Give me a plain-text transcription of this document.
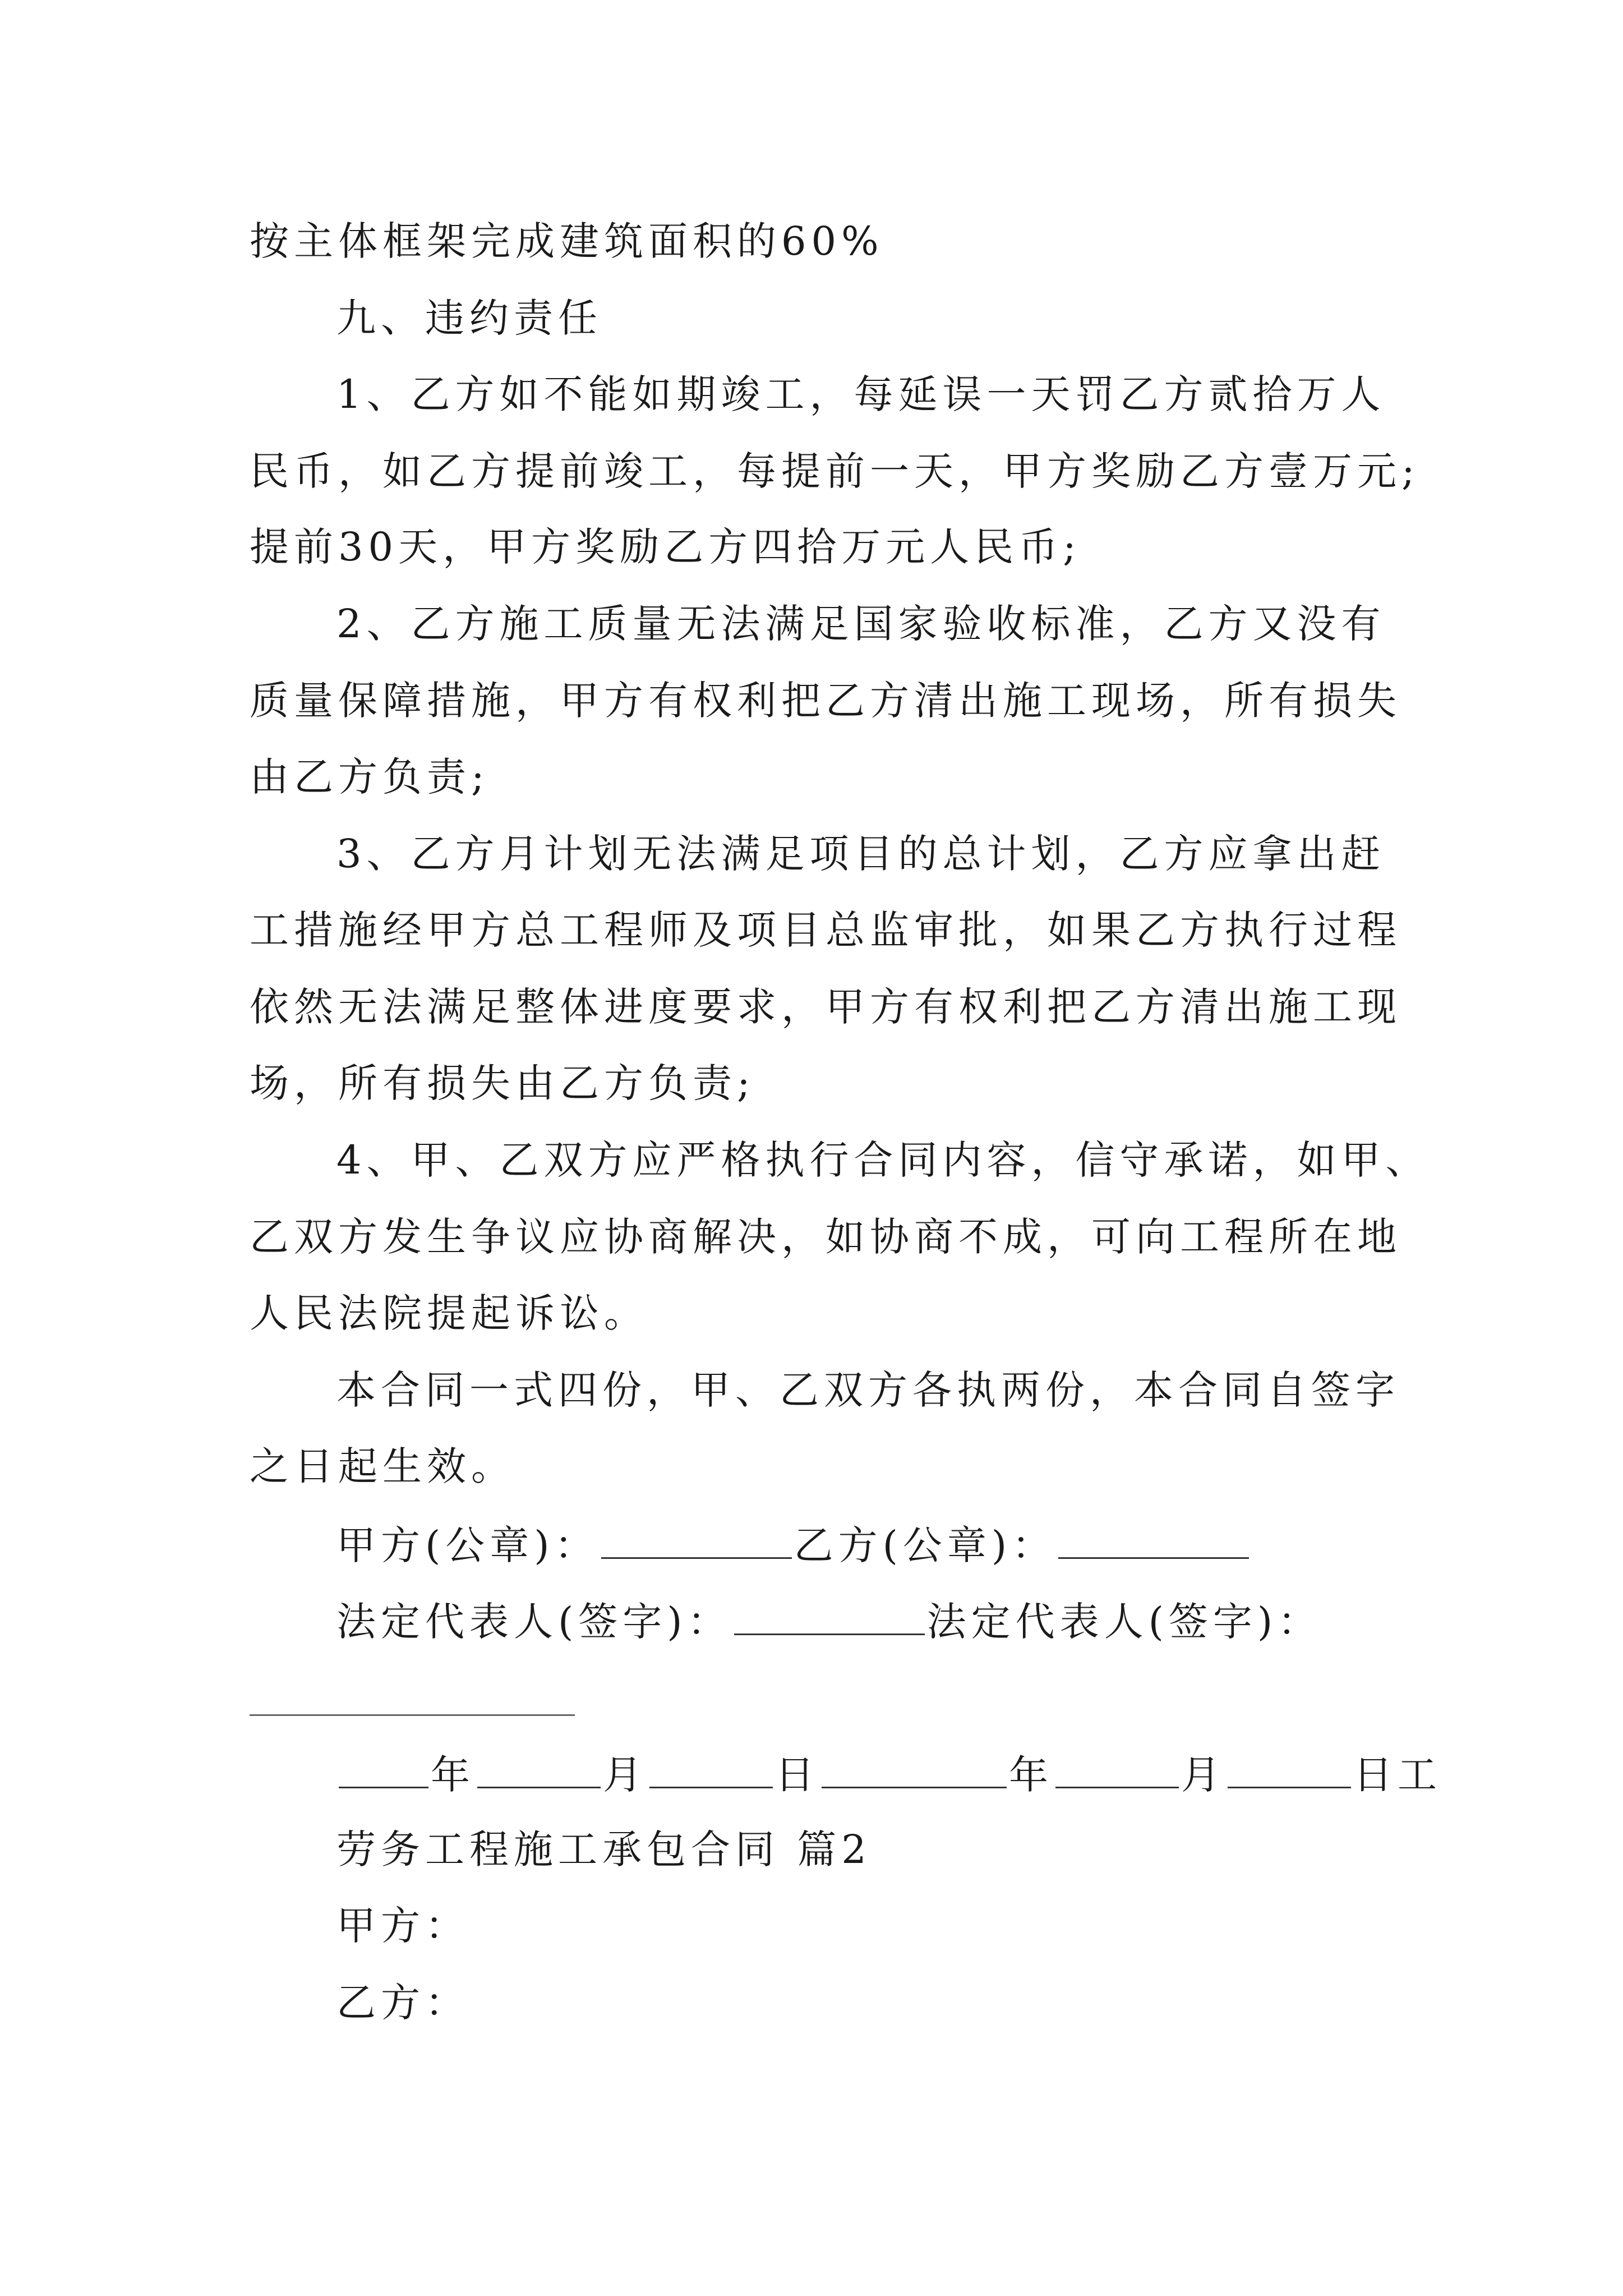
按主体框架完成建筑面积的60%
九、违约责任
1、乙方如不能如期竣工，每延误一天罚乙方贰拾万人
民币，如乙方提前竣工，每提前一天，甲方奖励乙方壹万元;
提前30天，甲方奖励乙方四拾万元人民币;
2、乙方施工质量无法满足国家验收标准，乙方又没有
质量保障措施，甲方有权利把乙方清出施工现场，所有损失
由乙方负责;
3、乙方月计划无法满足项目的总计划，乙方应拿出赶
工措施经甲方总工程师及项目总监审批，如果乙方执行过程
依然无法满足整体进度要求，甲方有权利把乙方清出施工现
场，所有损失由乙方负责;
4、甲、乙双方应严格执行合同内容，信守承诺，如甲、
乙双方发生争议应协商解决，如协商不成，可向工程所在地
人民法院提起诉讼。
本合同一式四份，甲、乙双方各执两份，本合同自签字
之日起生效。
甲方(公章)：	乙方(公章)：
法定代表人(签字)：	法定代表人(签字)：
年	月	日	年	月	日工
劳务工程施工承包合同 篇2
甲方：
乙方：
